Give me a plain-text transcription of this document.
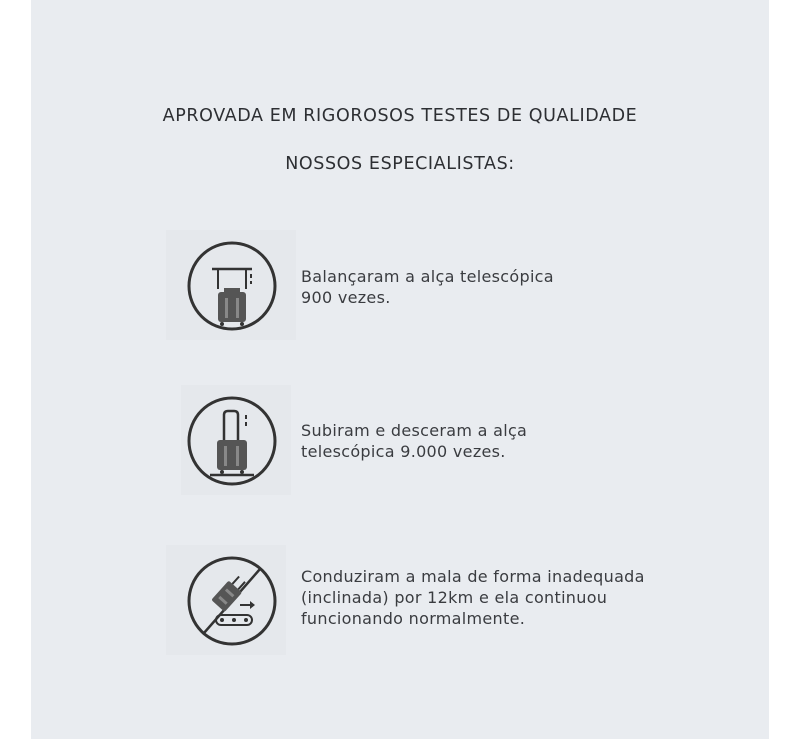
APROVADA EM RIGOROSOS TESTES DE QUALIDADE
NOSSOS ESPECIALISTAS:
Balançaram a alça telescópica
900 vezes.
Subiram e desceram a alça
telescópica 9.000 vezes.
Conduziram a mala de forma inadequada
(inclinada) por 12km e ela continuou
funcionando normalmente.
